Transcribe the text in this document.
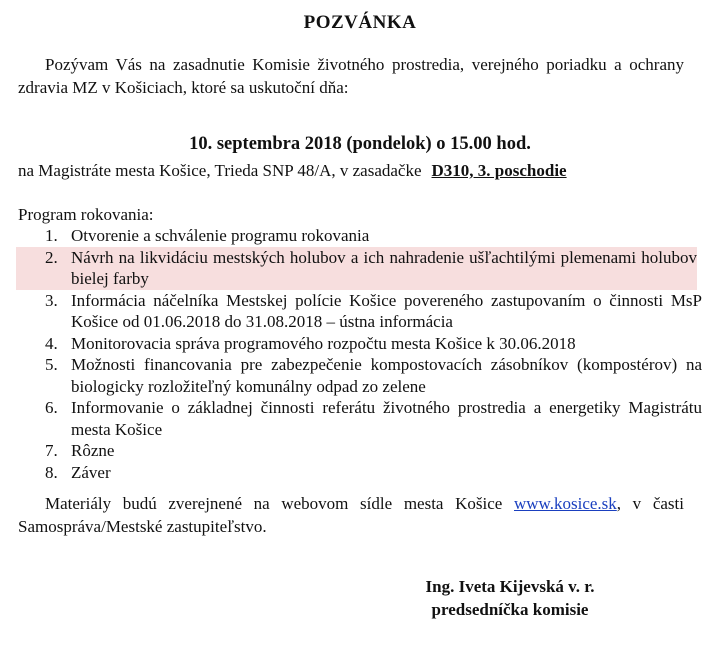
POZVÁNKA
Pozývam Vás na zasadnutie Komisie životného prostredia, verejného poriadku a ochrany zdravia MZ v Košiciach, ktoré sa uskutoční dňa:
10. septembra 2018 (pondelok) o 15.00 hod.
na Magistráte mesta Košice, Trieda SNP 48/A, v zasadačke D310, 3. poschodie
Program rokovania:
1. Otvorenie a schválenie programu rokovania
2. Návrh na likvidáciu mestských holubov a ich nahradenie ušľachtilými plemenami holubov bielej farby
3. Informácia náčelníka Mestskej polície Košice povereného zastupovaním o činnosti MsP Košice od 01.06.2018 do 31.08.2018 – ústna informácia
4. Monitorovacia správa programového rozpočtu mesta Košice k 30.06.2018
5. Možnosti financovania pre zabezpečenie kompostovacích zásobníkov (kompostérov) na biologicky rozložiteľný komunálny odpad zo zelene
6. Informovanie o základnej činnosti referátu životného prostredia a energetiky Magistrátu mesta Košice
7. Rôzne
8. Záver
Materiály budú zverejnené na webovom sídle mesta Košice www.kosice.sk, v časti Samospráva/Mestské zastupiteľstvo.
Ing. Iveta Kijevská v. r.
predsedníčka komisie
